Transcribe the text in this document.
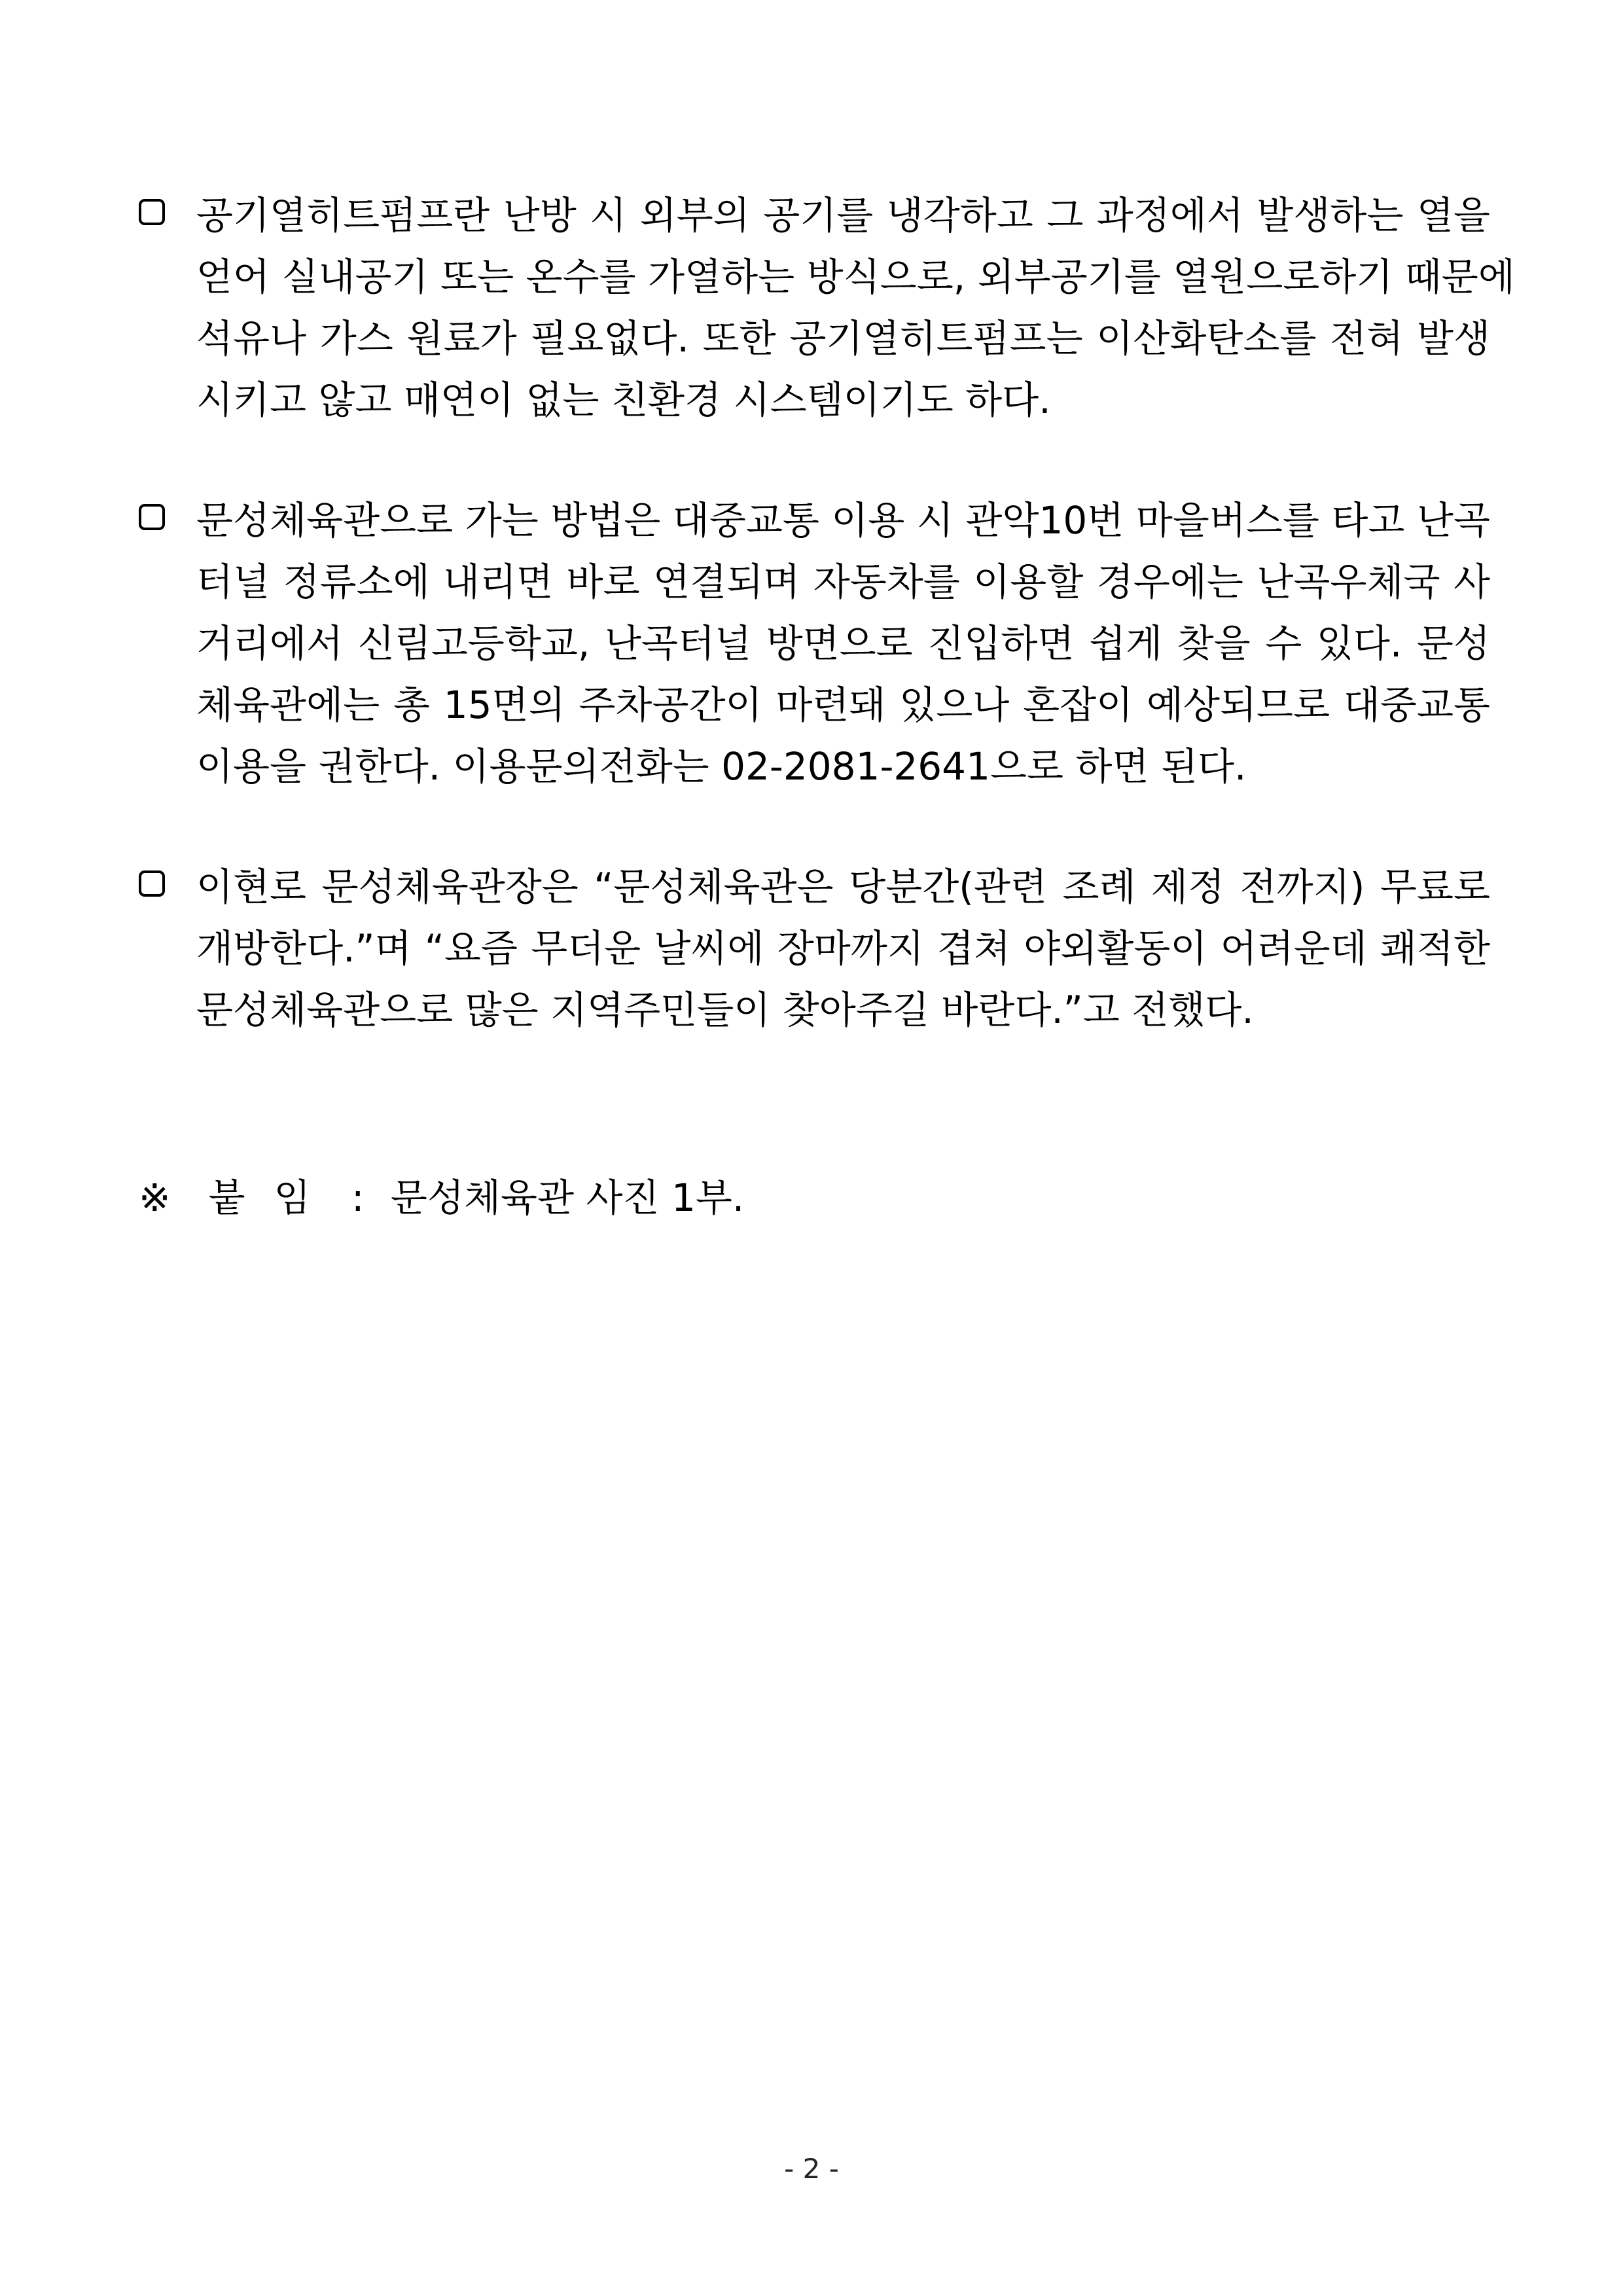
공기열히트펌프란 난방 시 외부의 공기를 냉각하고 그 과정에서 발생하는 열을
얻어 실내공기 또는 온수를 가열하는 방식으로, 외부공기를 열원으로하기 때문에
석유나 가스 원료가 필요없다. 또한 공기열히트펌프는 이산화탄소를 전혀 발생
시키고 않고 매연이 없는 친환경 시스템이기도 하다.
문성체육관으로 가는 방법은 대중교통 이용 시 관악10번 마을버스를 타고 난곡
터널 정류소에 내리면 바로 연결되며 자동차를 이용할 경우에는 난곡우체국 사
거리에서 신림고등학교, 난곡터널 방면으로 진입하면 쉽게 찾을 수 있다. 문성
체육관에는 총 15면의 주차공간이 마련돼 있으나 혼잡이 예상되므로 대중교통
이용을 권한다. 이용문의전화는 02-2081-2641으로 하면 된다.
이현로 문성체육관장은 “문성체육관은 당분간(관련 조례 제정 전까지) 무료로
개방한다.”며 “요즘 무더운 날씨에 장마까지 겹쳐 야외활동이 어려운데 쾌적한
문성체육관으로 많은 지역주민들이 찾아주길 바란다.”고 전했다.
※ 붙임 : 문성체육관 사진 1부.
- 2 -
